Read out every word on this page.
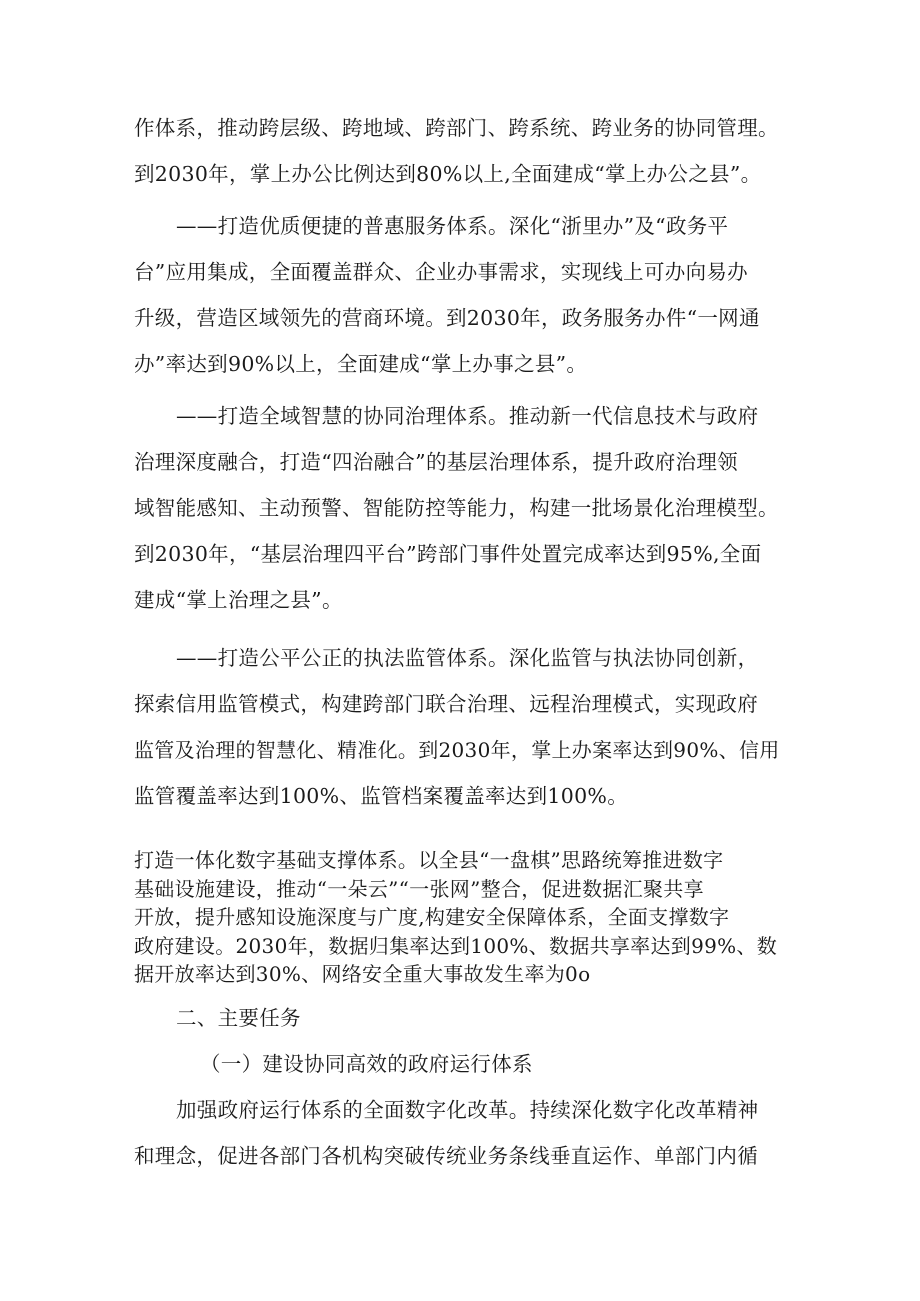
作体系，推动跨层级、跨地域、跨部门、跨系统、跨业务的协同管理。
到2030年，掌上办公比例达到80%以上,全面建成“掌上办公之县”。
——打造优质便捷的普惠服务体系。深化“浙里办”及“政务平
台”应用集成，全面覆盖群众、企业办事需求，实现线上可办向易办
升级，营造区域领先的营商环境。到2030年，政务服务办件“一网通
办”率达到90%以上，全面建成“掌上办事之县”。
——打造全域智慧的协同治理体系。推动新一代信息技术与政府
治理深度融合，打造“四治融合”的基层治理体系，提升政府治理领
域智能感知、主动预警、智能防控等能力，构建一批场景化治理模型。
到2030年，“基层治理四平台”跨部门事件处置完成率达到95%,全面
建成“掌上治理之县”。
——打造公平公正的执法监管体系。深化监管与执法协同创新，
探索信用监管模式，构建跨部门联合治理、远程治理模式，实现政府
监管及治理的智慧化、精准化。到2030年，掌上办案率达到90%、信用
监管覆盖率达到100%、监管档案覆盖率达到100%。
打造一体化数字基础支撑体系。以全县“一盘棋”思路统筹推进数字
基础设施建设，推动“一朵云”“一张网”整合，促进数据汇聚共享
开放，提升感知设施深度与广度,构建安全保障体系，全面支撑数字
政府建设。2030年，数据归集率达到100%、数据共享率达到99%、数
据开放率达到30%、网络安全重大事故发生率为0o
二、主要任务
（一）建设协同高效的政府运行体系
加强政府运行体系的全面数字化改革。持续深化数字化改革精神
和理念，促进各部门各机构突破传统业务条线垂直运作、单部门内循
